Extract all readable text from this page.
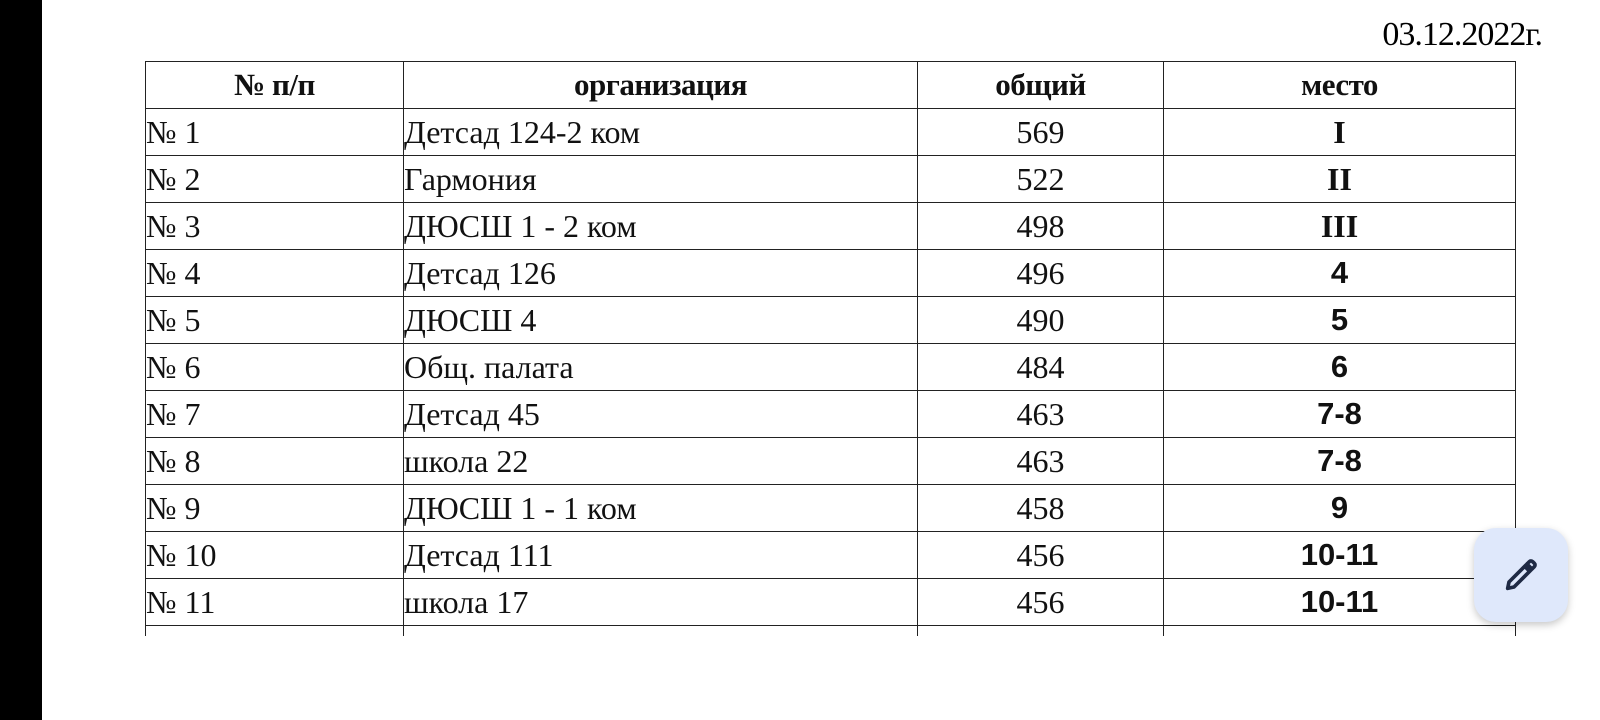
03.12.2022г.
№ п/п	организация	общий	место
№ 1	Детсад 124-2 ком	569	I
№ 2	Гармония	522	II
№ 3	ДЮСШ 1 - 2 ком	498	III
№ 4	Детсад 126	496	4
№ 5	ДЮСШ 4	490	5
№ 6	Общ. палата	484	6
№ 7	Детсад 45	463	7-8
№ 8	школа 22	463	7-8
№ 9	ДЮСШ 1 - 1 ком	458	9
№ 10	Детсад 111	456	10-11
№ 11	школа 17	456	10-11
